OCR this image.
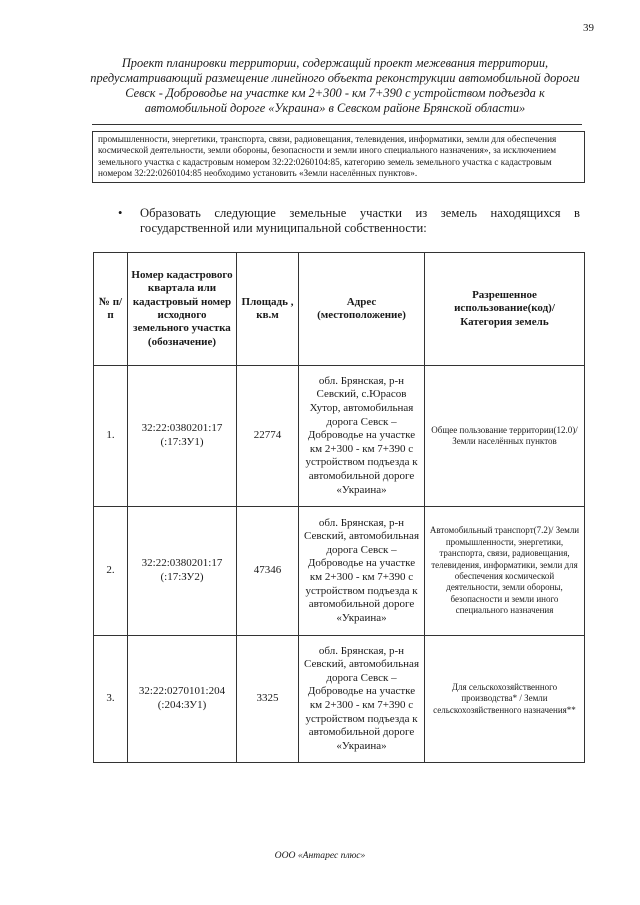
39
Проект планировки территории, содержащий проект межевания территории, предусматривающий размещение линейного объекта реконструкции автомобильной дороги Севск - Доброводье на участке км 2+300 - км 7+390 с устройством подъезда к автомобильной дороге «Украина» в Севском районе Брянской области»
промышленности, энергетики, транспорта, связи, радиовещания, телевидения, информатики, земли для обеспечения космической деятельности, земли обороны, безопасности и земли иного специального назначения», за исключением земельного участка с кадастровым номером 32:22:0260104:85, категорию земель земельного участка с кадастровым номером 32:22:0260104:85 необходимо установить «Земли населённых пунктов».
• Образовать следующие земельные участки из земель находящихся в государственной или муниципальной собственности:
№ п/п	Номер кадастрового квартала или кадастровый номер исходного земельного участка (обозначение)	Площадь , кв.м	Адрес (местоположение)	Разрешенное использование(код)/ Категория земель
1.	32:22:0380201:17 (:17:ЗУ1)	22774	обл. Брянская, р-н Севский, с.Юрасов Хутор, автомобильная дорога Севск – Доброводье на участке км 2+300 - км 7+390 с устройством подъезда к автомобильной дороге «Украина»	Общее пользование территории(12.0)/ Земли населённых пунктов
2.	32:22:0380201:17 (:17:ЗУ2)	47346	обл. Брянская, р-н Севский, автомобильная дорога Севск – Доброводье на участке км 2+300 - км 7+390 с устройством подъезда к автомобильной дороге «Украина»	Автомобильный транспорт(7.2)/ Земли промышленности, энергетики, транспорта, связи, радиовещания, телевидения, информатики, земли для обеспечения космической деятельности, земли обороны, безопасности и земли иного специального назначения
3.	32:22:0270101:204 (:204:ЗУ1)	3325	обл. Брянская, р-н Севский, автомобильная дорога Севск – Доброводье на участке км 2+300 - км 7+390 с устройством подъезда к автомобильной дороге «Украина»	Для сельскохозяйственного производства* / Земли сельскохозяйственного назначения**
ООО «Антарес плюс»
